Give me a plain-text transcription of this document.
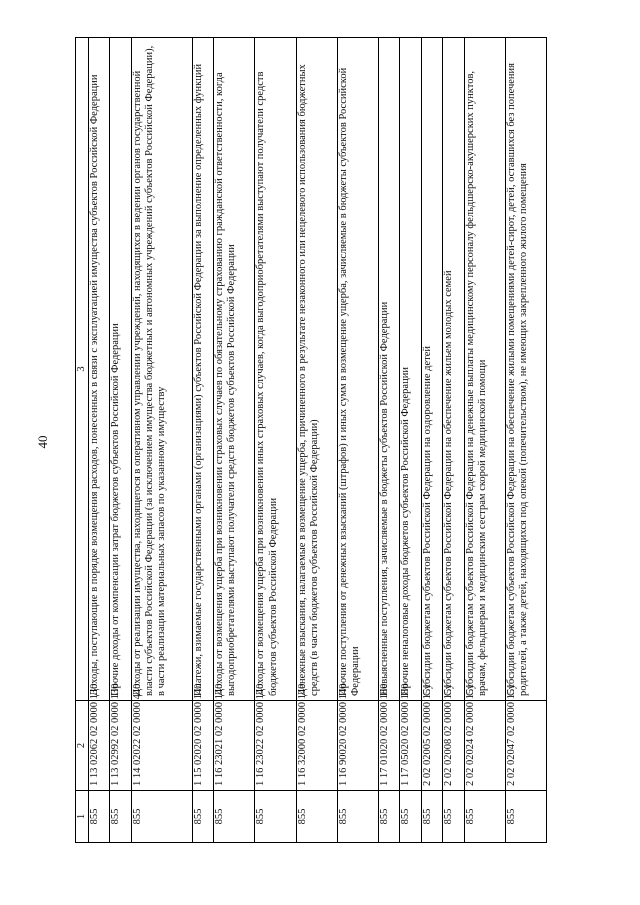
40
1	2	3
855	1 13 02062 02 0000 130	Доходы, поступающие в порядке возмещения расходов, понесенных в связи с эксплуатацией имущества субъектов Российской Федерации
855	1 13 02992 02 0000 130	Прочие доходы от компенсации затрат бюджетов субъектов Российской Федерации
855	1 14 02022 02 0000 440	Доходы от реализации имущества, находящегося в оперативном управлении учреждений, находящихся в ведении органов государственной власти субъектов Российской Федерации (за исключением имущества бюджетных и автономных учреждений субъектов Российской Федерации), в части реализации материальных запасов по указанному имуществу
855	1 15 02020 02 0000 140	Платежи, взимаемые государственными органами (организациями) субъектов Российской Федерации за выполнение определенных функций
855	1 16 23021 02 0000 140	Доходы от возмещения ущерба при возникновении страховых случаев по обязательному страхованию гражданской ответственности, когда выгодоприобретателями выступают получатели средств бюджетов субъектов Российской Федерации
855	1 16 23022 02 0000 140	Доходы от возмещения ущерба при возникновении иных страховых случаев, когда выгодоприобретателями выступают получатели средств бюджетов субъектов Российской Федерации
855	1 16 32000 02 0000 140	Денежные взыскания, налагаемые в возмещение ущерба, причиненного в результате незаконного или нецелевого использования бюджетных средств (в части бюджетов субъектов Российской Федерации)
855	1 16 90020 02 0000 140	Прочие поступления от денежных взысканий (штрафов) и иных сумм в возмещение ущерба, зачисляемые в бюджеты субъектов Российской Федерации
855	1 17 01020 02 0000 180	Невыясненные поступления, зачисляемые в бюджеты субъектов Российской Федерации
855	1 17 05020 02 0000 180	Прочие неналоговые доходы бюджетов субъектов Российской Федерации
855	2 02 02005 02 0000 151	Субсидии бюджетам субъектов Российской Федерации на оздоровление детей
855	2 02 02008 02 0000 151	Субсидии бюджетам субъектов Российской Федерации на обеспечение жильем молодых семей
855	2 02 02024 02 0000 151	Субсидии бюджетам субъектов Российской Федерации на денежные выплаты медицинскому персоналу фельдшерско-акушерских пунктов, врачам, фельдшерам и медицинским сестрам скорой медицинской помощи
855	2 02 02047 02 0000 151	Субсидии бюджетам субъектов Российской Федерации на обеспечение жилыми помещениями детей-сирот, детей, оставшихся без попечения родителей, а также детей, находящихся под опекой (попечительством), не имеющих закрепленного жилого помещения
